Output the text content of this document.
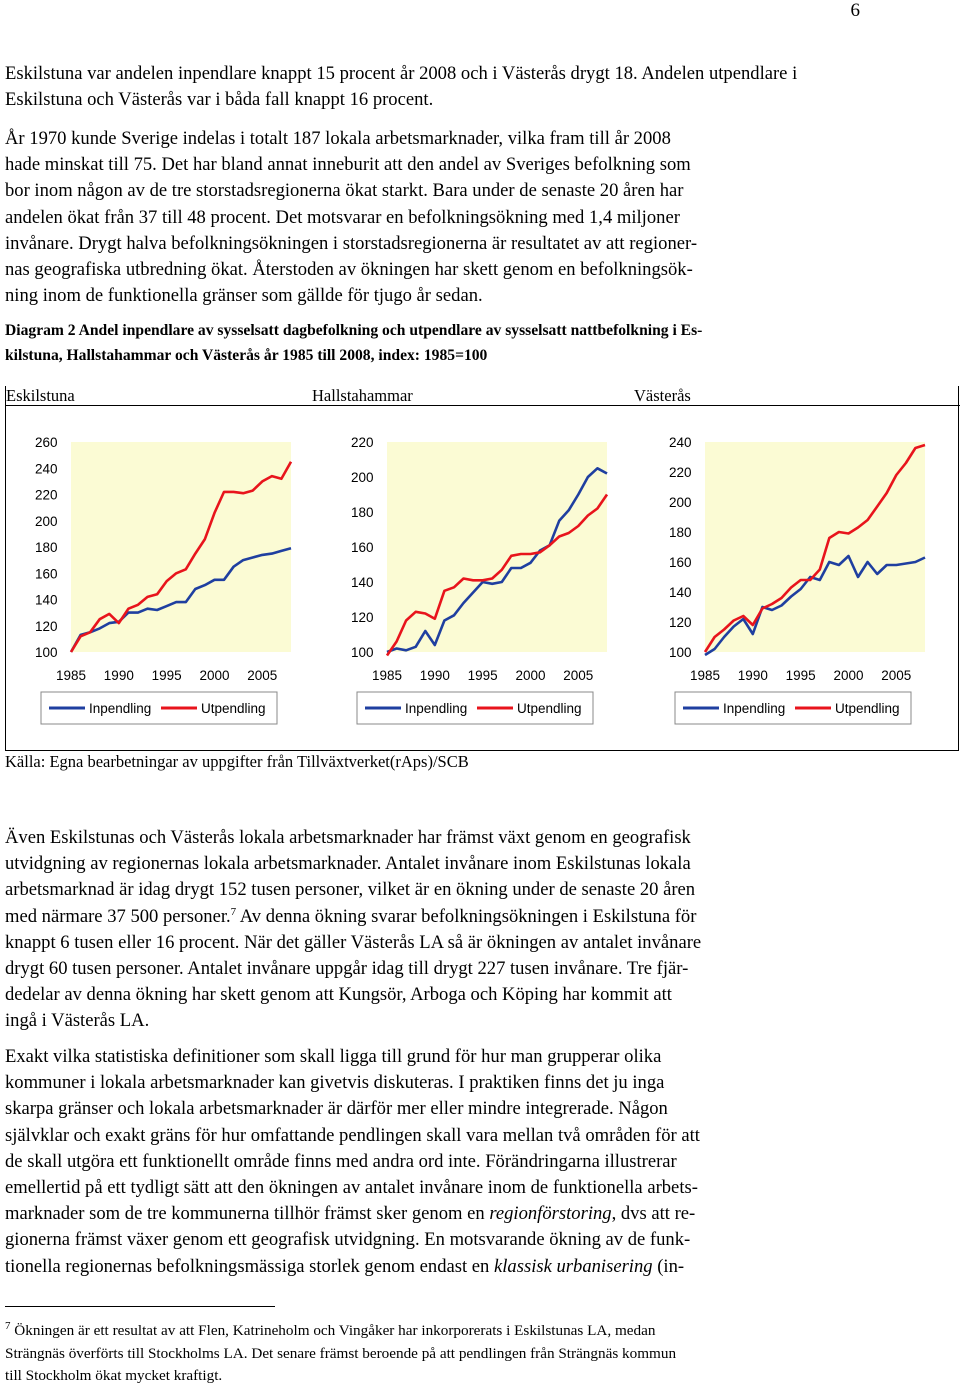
6

Eskilstuna var andelen inpendlare knappt 15 procent år 2008 och i Västerås drygt 18. Andelen utpendlare i Eskilstuna och Västerås var i båda fall knappt 16 procent.

År 1970 kunde Sverige indelas i totalt 187 lokala arbetsmarknader, vilka fram till år 2008
hade minskat till 75. Det har bland annat inneburit att den andel av Sveriges befolkning som
bor inom någon av de tre storstadsregionerna ökat starkt. Bara under de senaste 20 åren har
andelen ökat från 37 till 48 procent. Det motsvarar en befolkningsökning med 1,4 miljoner
invånare. Drygt halva befolkningsökningen i storstadsregionerna är resultatet av att regioner-
nas geografiska utbredning ökat. Återstoden av ökningen har skett genom en befolkningsök-
ning inom de funktionella gränser som gällde för tjugo år sedan.

Diagram 2 Andel inpendlare av sysselsatt dagbefolkning och utpendlare av sysselsatt nattbefolkning i Es-
kilstuna, Hallstahammar och Västerås år 1985 till 2008, index: 1985=100

Eskilstuna	Hallstahammar	Västerås
100
120
140
160
180
200
220
240
260
1985 1990 1995 2000 2005
Inpendling	Utpendling
100
120
140
160
180
200
220
1985 1990 1995 2000 2005
Inpendling	Utpendling
100
120
140
160
180
200
220
240
1985 1990 1995 2000 2005
Inpendling	Utpendling
Källa: Egna bearbetningar av uppgifter från Tillväxtverket(rAps)/SCB

Även Eskilstunas och Västerås lokala arbetsmarknader har främst växt genom en geografisk
utvidgning av regionernas lokala arbetsmarknader. Antalet invånare inom Eskilstunas lokala
arbetsmarknad är idag drygt 152 tusen personer, vilket är en ökning under de senaste 20 åren
med närmare 37 500 personer.$^7$ Av denna ökning svarar befolkningsökningen i Eskilstuna för
knappt 6 tusen eller 16 procent. När det gäller Västerås LA så är ökningen av antalet invånare
drygt 60 tusen personer. Antalet invånare uppgår idag till drygt 227 tusen invånare. Tre fjär-
dedelar av denna ökning har skett genom att Kungsör, Arboga och Köping har kommit att
ingå i Västerås LA.

Exakt vilka statistiska definitioner som skall ligga till grund för hur man grupperar olika
kommuner i lokala arbetsmarknader kan givetvis diskuteras. I praktiken finns det ju inga
skarpa gränser och lokala arbetsmarknader är därför mer eller mindre integrerade. Någon
självklar och exakt gräns för hur omfattande pendlingen skall vara mellan två områden för att
de skall utgöra ett funktionellt område finns med andra ord inte. Förändringarna illustrerar
emellertid på ett tydligt sätt att den ökningen av antalet invånare inom de funktionella arbets-
marknader som de tre kommunerna tillhör främst sker genom en regionförstoring, dvs att re-
gionerna främst växer genom ett geografisk utvidgning. En motsvarande ökning av de funk-
tionella regionernas befolkningsmässiga storlek genom endast en klassisk urbanisering (in-

$^7$ Ökningen är ett resultat av att Flen, Katrineholm och Vingåker har inkorporerats i Eskilstunas LA, medan
Strängnäs överförts till Stockholms LA. Det senare främst beroende på att pendlingen från Strängnäs kommun
till Stockholm ökat mycket kraftigt.
